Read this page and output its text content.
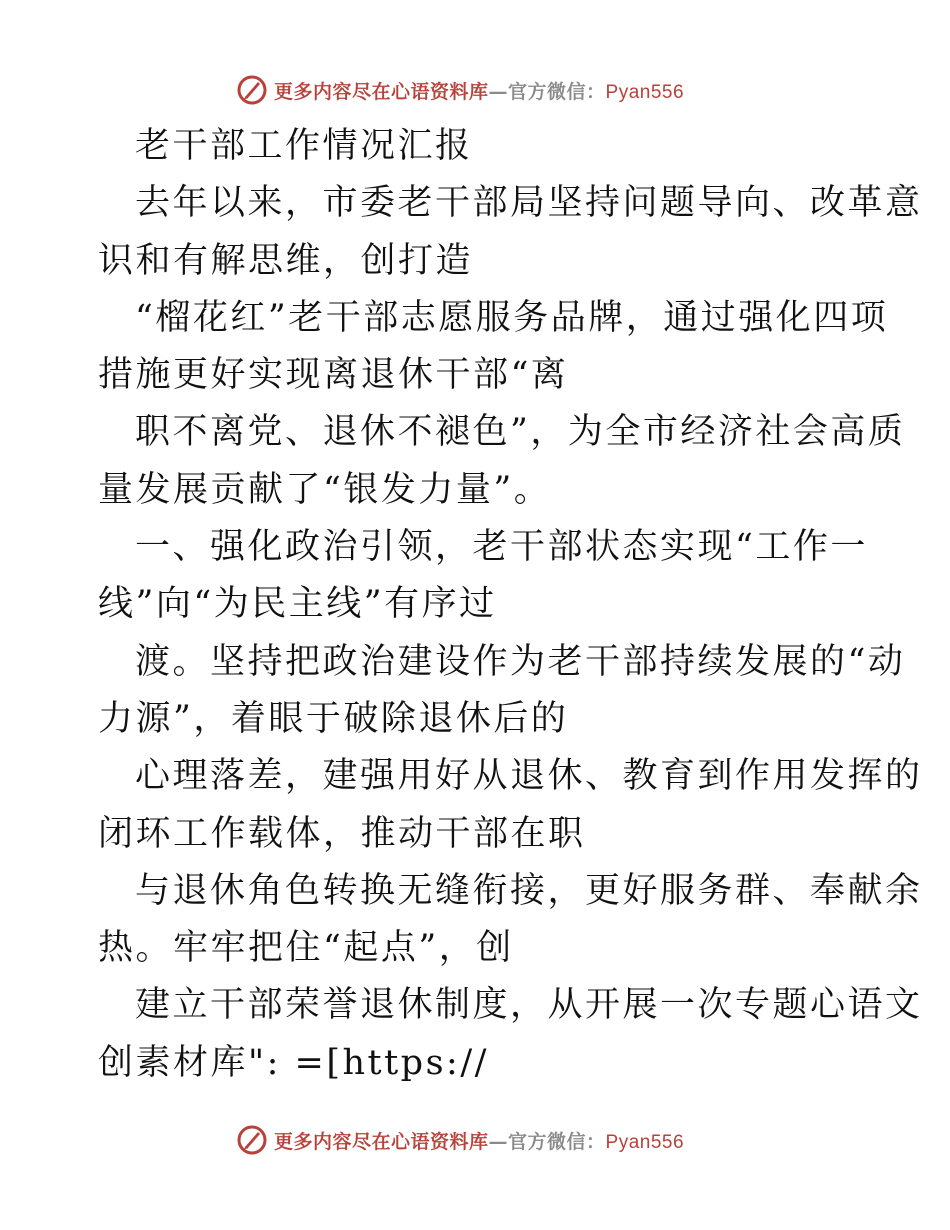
更多内容尽在心语资料库—官方微信：Pyan556
老干部工作情况汇报
去年以来，市委老干部局坚持问题导向、改革意
识和有解思维，创打造
“榴花红”老干部志愿服务品牌，通过强化四项
措施更好实现离退休干部“离
职不离党、退休不褪色”，为全市经济社会高质
量发展贡献了“银发力量”。
一、强化政治引领，老干部状态实现“工作一
线”向“为民主线”有序过
渡。坚持把政治建设作为老干部持续发展的“动
力源”，着眼于破除退休后的
心理落差，建强用好从退休、教育到作用发挥的
闭环工作载体，推动干部在职
与退休角色转换无缝衔接，更好服务群、奉献余
热。牢牢把住“起点”，创
建立干部荣誉退休制度，从开展一次专题心语文
创素材库": =[https://
更多内容尽在心语资料库—官方微信：Pyan556
